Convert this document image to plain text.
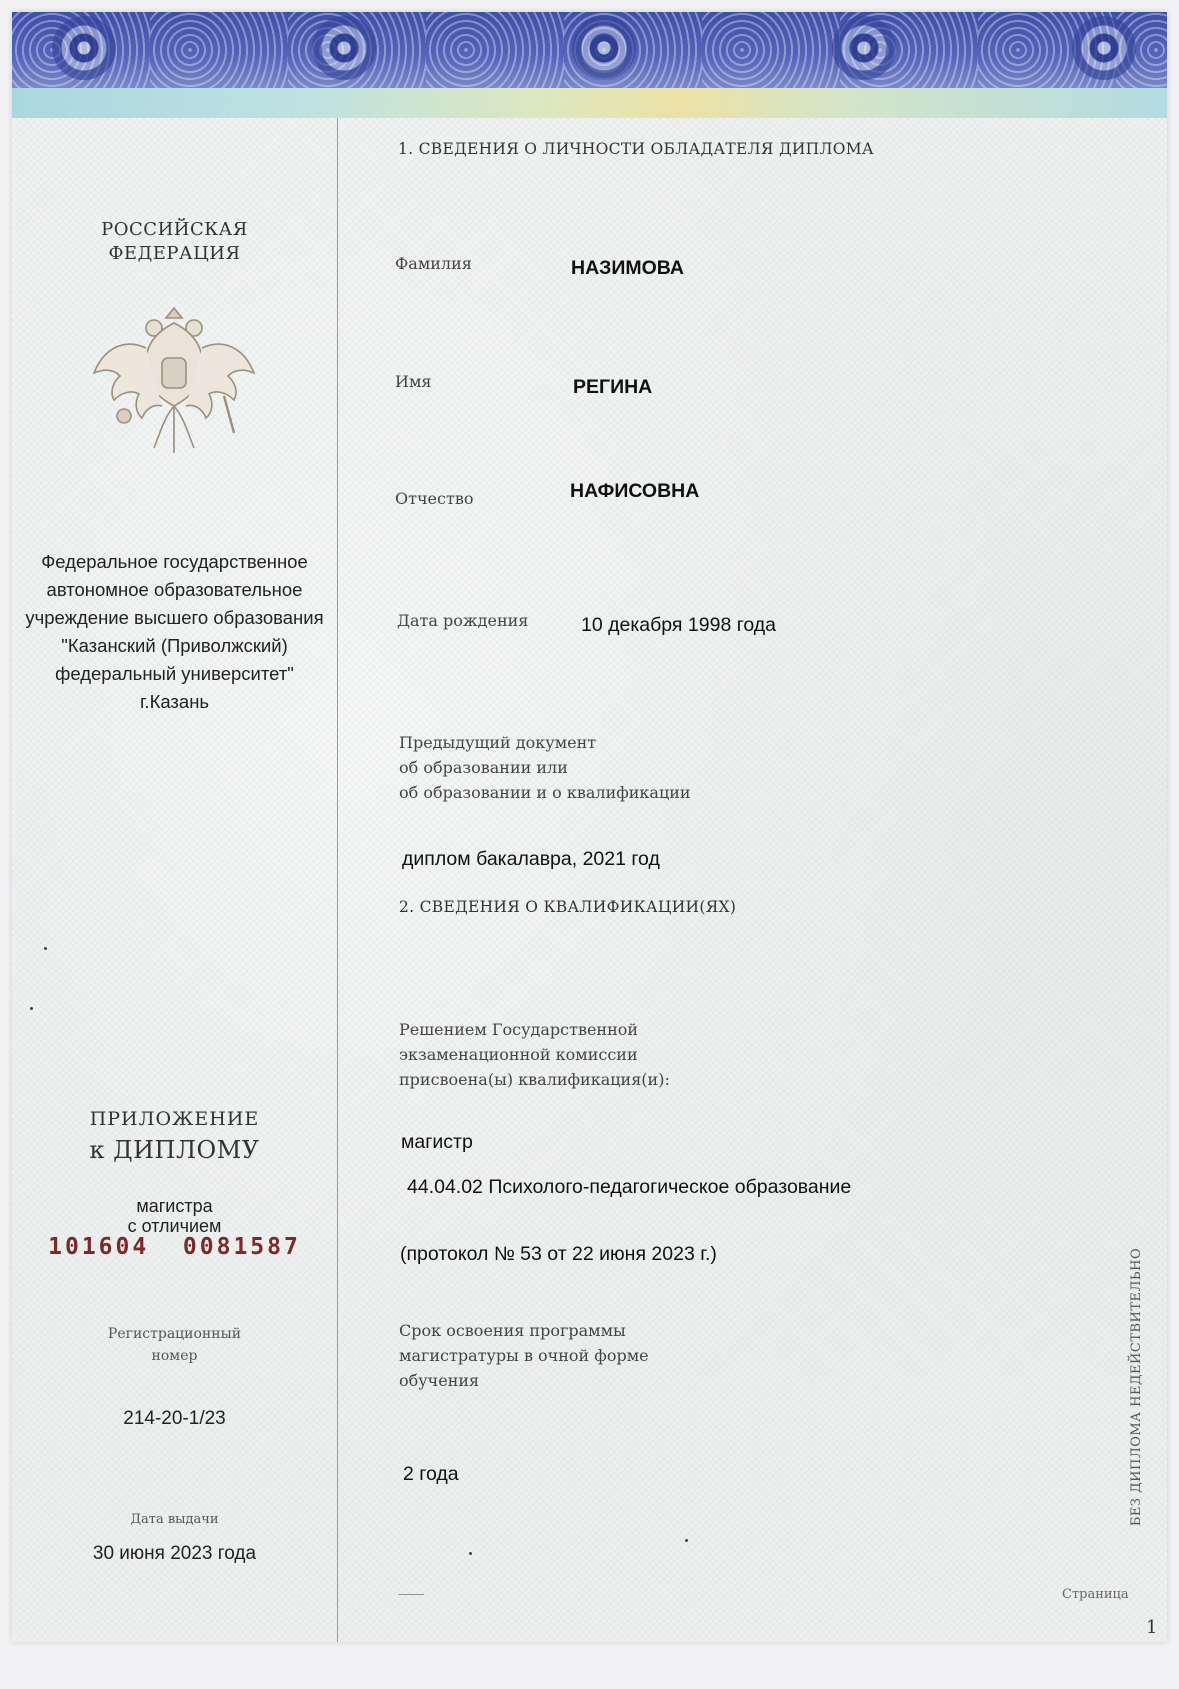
РОССИЙСКАЯ
ФЕДЕРАЦИЯ
Федеральное государственное
автономное образовательное
учреждение высшего образования
"Казанский (Приволжский)
федеральный университет"
г.Казань
ПРИЛОЖЕНИЕ
к ДИПЛОМУ
магистра
с отличием
101604  0081587
Регистрационный
номер
214-20-1/23
Дата выдачи
30 июня 2023 года
1. СВЕДЕНИЯ О ЛИЧНОСТИ ОБЛАДАТЕЛЯ ДИПЛОМА
Фамилия	НАЗИМОВА
Имя	РЕГИНА
Отчество	НАФИСОВНА
Дата рождения	10 декабря 1998 года
Предыдущий документ
об образовании или
об образовании и о квалификации
диплом бакалавра, 2021 год
2. СВЕДЕНИЯ О КВАЛИФИКАЦИИ(ЯХ)
Решением Государственной
экзаменационной комиссии
присвоена(ы) квалификация(и):
магистр
44.04.02 Психолого-педагогическое образование
(протокол № 53 от 22 июня 2023 г.)
Срок освоения программы
магистратуры в очной форме
обучения
2 года	БЕЗ ДИПЛОМА НЕДЕЙСТВИТЕЛЬНО
Страница
1
